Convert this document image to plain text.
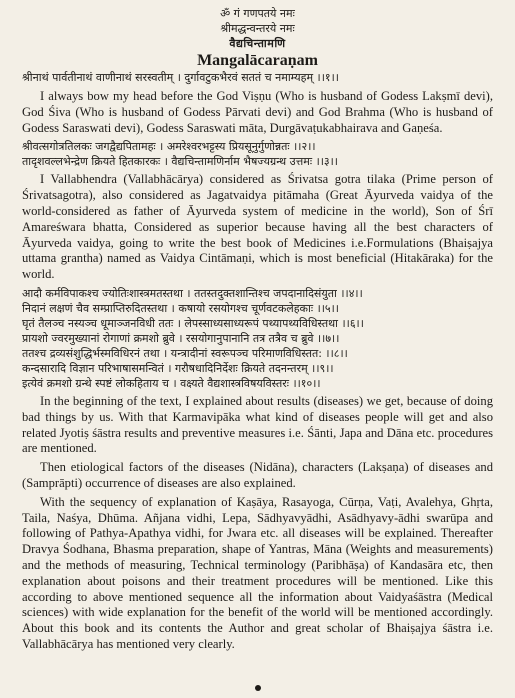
ॐ गं गणपतये नमः
श्रीमद्धन्वन्तरये नमः
वैद्यचिन्तामणि
Mangalācaraṇam

श्रीनाथं पार्वतीनाथं वाणीनाथं सरस्वतीम् । दुर्गावटुकभैरवं सततं च नमाम्यहम् ।।१।।

I always bow my head before the God Viṣṇu (Who is husband of Godess Lakṣmī devi), God Śiva (Who is husband of Godess Pārvati devi) and God Brahma (Who is husband of Godess Saraswati devi), Godess Saraswati māta, Durgāvaṭukabhairava and Gaṇeśa.

श्रीवत्सगोत्रतिलकः जगद्वैद्यपितामहः । अमरेश्वरभट्टस्य प्रियसूनुर्गुणोन्नतः ।।२।।

तादृशवल्लभेन्द्रेण क्रियते हितकारकः । वैद्यचिन्तामणिर्नाम भैषज्यग्रन्थ उत्तमः ।।३।।

I Vallabhendra (Vallabhācārya) considered as Śrivatsa gotra tilaka (Prime person of Śrivatsagotra), also considered as Jagatvaidya pitāmaha (Great Āyurveda vaidya of the world-considered as father of Āyurveda system of medicine in the world), Son of Śrī Amareśwara bhatta, Considered as superior because having all the best characters of Āyurveda vaidya, going to write the best book of Medicines i.e.Formulations (Bhaiṣajya uttama grantha) named as Vaidya Cintāmaṇi, which is most beneficial (Hitakāraka) for the world.

आदौ कर्मविपाकश्च ज्योतिःशास्त्रमतस्तथा । ततस्तदुक्तशान्तिश्च जपदानादिसंयुता ।।४।।

निदानं लक्षणं चैव सम्प्राप्तिरुदितस्तथा । कषायो रसयोगश्च चूर्णवटकलेहकाः ।।५।।

घृतं तैलञ्च नस्यञ्च धूमाञ्जनविधी ततः । लेपस्साध्यसाध्यरूपं पथ्यापथ्यविधिस्तथा ।।६।।

प्रायशो ज्वरमुख्यानां रोगाणां क्रमशो ब्रुवे । रसयोगानुपानानि तत्र तत्रैव च ब्रुवे ।।७।।

ततश्च द्रव्यसंशुद्धिर्भस्मविधिरनं तथा । यन्त्रादीनां स्वरूपञ्च परिमाणविधिस्तत: ।।८।।

कन्दसारादि विज्ञान परिभाषासमन्वितं । गरौषधादिनिर्देशः क्रियते तदनन्तरम् ।।९।।

इत्येवं क्रमशो ग्रन्थे स्पष्टं लोकहिताय च । वक्ष्यते वैद्यशास्त्रविषयविस्तरः ।।१०।।

In the beginning of the text, I explained about results (diseases) we get, because of doing bad things by us. With that Karmavipāka what kind of diseases people will get and also related Jyotiṣ śāstra results and preventive measures i.e. Śānti, Japa and Dāna etc. procedures are mentioned.

Then etiological factors of the diseases (Nidāna), characters (Lakṣaṇa) of diseases and (Samprāpti) occurrence of diseases are also explained.

With the sequency of explanation of Kaṣāya, Rasayoga, Cūrṇa, Vaṭi, Avalehya, Ghṛta, Taila, Naśya, Dhūma. Añjana vidhi, Lepa, Sādhyavyādhi, Asādhyavy-ādhi swarūpa and following of Pathya-Apathya vidhi, for Jwara etc. all diseases will be explained. Thereafter Dravya Śodhana, Bhasma preparation, shape of Yantras, Māna (Weights and measurements) and the methods of measuring, Technical terminology (Paribhāṣa) of Kandasāra etc, then explanation about poisons and their treatment procedures will be mentioned. Like this according to above mentioned sequence all the information about Vaidyaśāstra (Medical sciences) with wide explanation for the benefit of the world will be mentioned accordingly. About this book and its contents the Author and great scholar of Bhaiṣajya śāstra i.e. Vallabhācārya has mentioned very clearly.
